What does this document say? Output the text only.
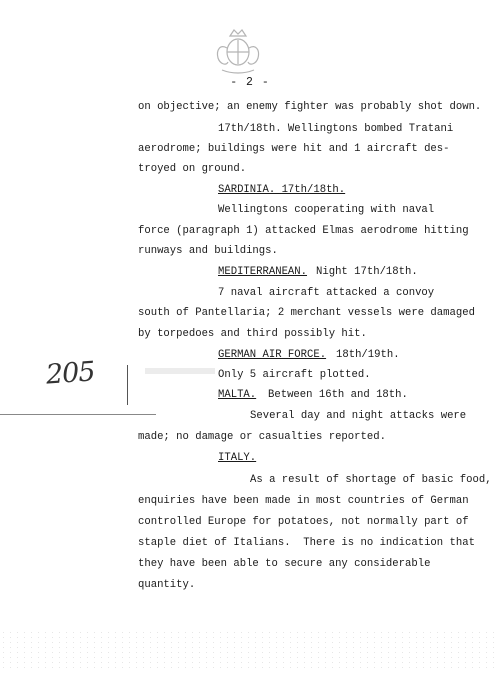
- 2 -
on objective; an enemy fighter was probably shot down.
17th/18th. Wellingtons bombed Tratani
aerodrome; buildings were hit and 1 aircraft des-
troyed on ground.
SARDINIA. 17th/18th.
Wellingtons cooperating with naval
force (paragraph 1) attacked Elmas aerodrome hitting
runways and buildings.
MEDITERRANEAN. Night 17th/18th.
7 naval aircraft attacked a convoy
south of Pantellaria; 2 merchant vessels were damaged
by torpedoes and third possibly hit.
GERMAN AIR FORCE. 18th/19th.
Only 5 aircraft plotted.
MALTA. Between 16th and 18th.
Several day and night attacks were
made; no damage or casualties reported.
ITALY.
As a result of shortage of basic food,
enquiries have been made in most countries of German
controlled Europe for potatoes, not normally part of
staple diet of Italians.  There is no indication that
they have been able to secure any considerable
quantity.
205
